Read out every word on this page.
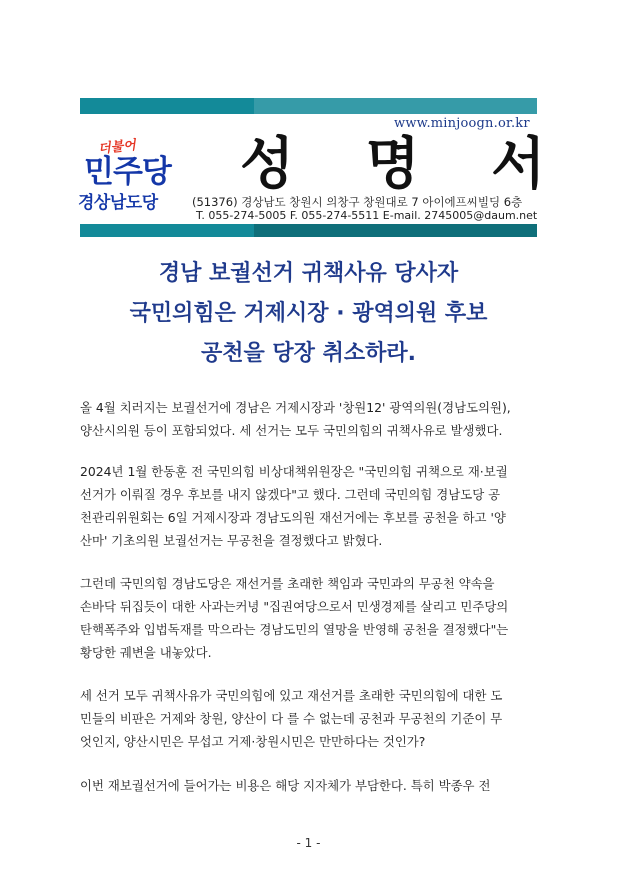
www.minjoogn.or.kr
더불어
민주당
경상남도당
성 명 서
(51376) 경상남도 창원시 의창구 창원대로 7 아이에프씨빌딩 6층
T. 055-274-5005 F. 055-274-5511 E-mail. 2745005@daum.net
경남 보궐선거 귀책사유 당사자
국민의힘은 거제시장 · 광역의원 후보
공천을 당장 취소하라.
올 4월 치러지는 보궐선거에 경남은 거제시장과 '창원12' 광역의원(경남도의원),
양산시의원 등이 포함되었다. 세 선거는 모두 국민의힘의 귀책사유로 발생했다.
2024년 1월 한동훈 전 국민의힘 비상대책위원장은 "국민의힘 귀책으로 재·보궐
선거가 이뤄질 경우 후보를 내지 않겠다"고 했다. 그런데 국민의힘 경남도당 공
천관리위원회는 6일 거제시장과 경남도의원 재선거에는 후보를 공천을 하고 '양
산마' 기초의원 보궐선거는 무공천을 결정했다고 밝혔다.
그런데 국민의힘 경남도당은 재선거를 초래한 책임과 국민과의 무공천 약속을
손바닥 뒤집듯이 대한 사과는커녕 "집권여당으로서 민생경제를 살리고 민주당의
탄핵폭주와 입법독재를 막으라는 경남도민의 열망을 반영해 공천을 결정했다"는
황당한 궤변을 내놓았다.
세 선거 모두 귀책사유가 국민의힘에 있고 재선거를 초래한 국민의힘에 대한 도
민들의 비판은 거제와 창원, 양산이 다 를 수 없는데 공천과 무공천의 기준이 무
엇인지, 양산시민은 무섭고 거제·창원시민은 만만하다는 것인가?
이번 재보궐선거에 들어가는 비용은 해당 지자체가 부담한다. 특히 박종우 전
- 1 -
